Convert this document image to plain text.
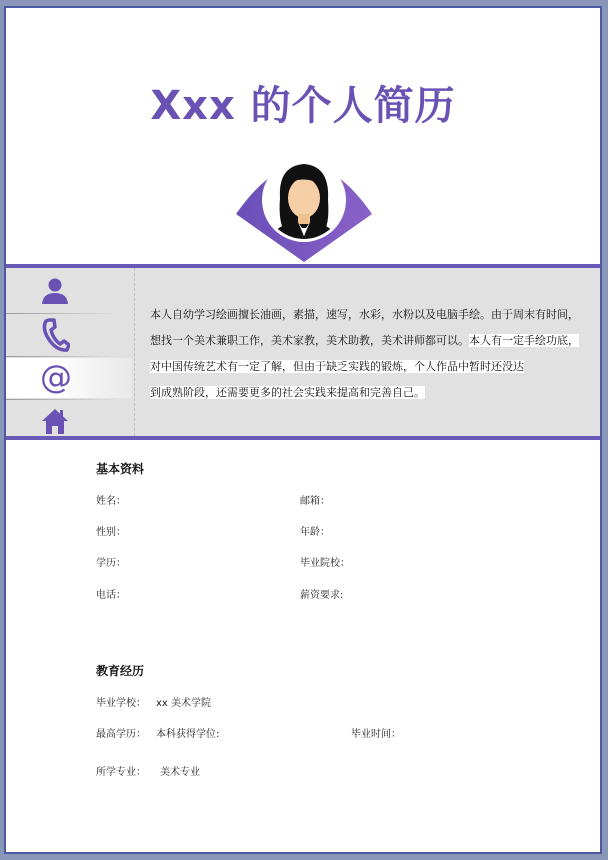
Xxx 的个人简历
@
本人自幼学习绘画擅长油画，素描，速写，水彩，水粉以及电脑手绘。由于周末有时间，
想找一个美术兼职工作，美术家教，美术助教，美术讲师都可以。本人有一定手绘功底，
对中国传统艺术有一定了解，但由于缺乏实践的锻炼，个人作品中暂时还没达
到成熟阶段，还需要更多的社会实践来提高和完善自己。
基本资料
姓名：	邮箱：
性别：	年龄：
学历：	毕业院校：
电话：	薪资要求:
教育经历
毕业学校： xx 美术学院
最高学历： 本科获得学位:	毕业时间：
所学专业： 美术专业
